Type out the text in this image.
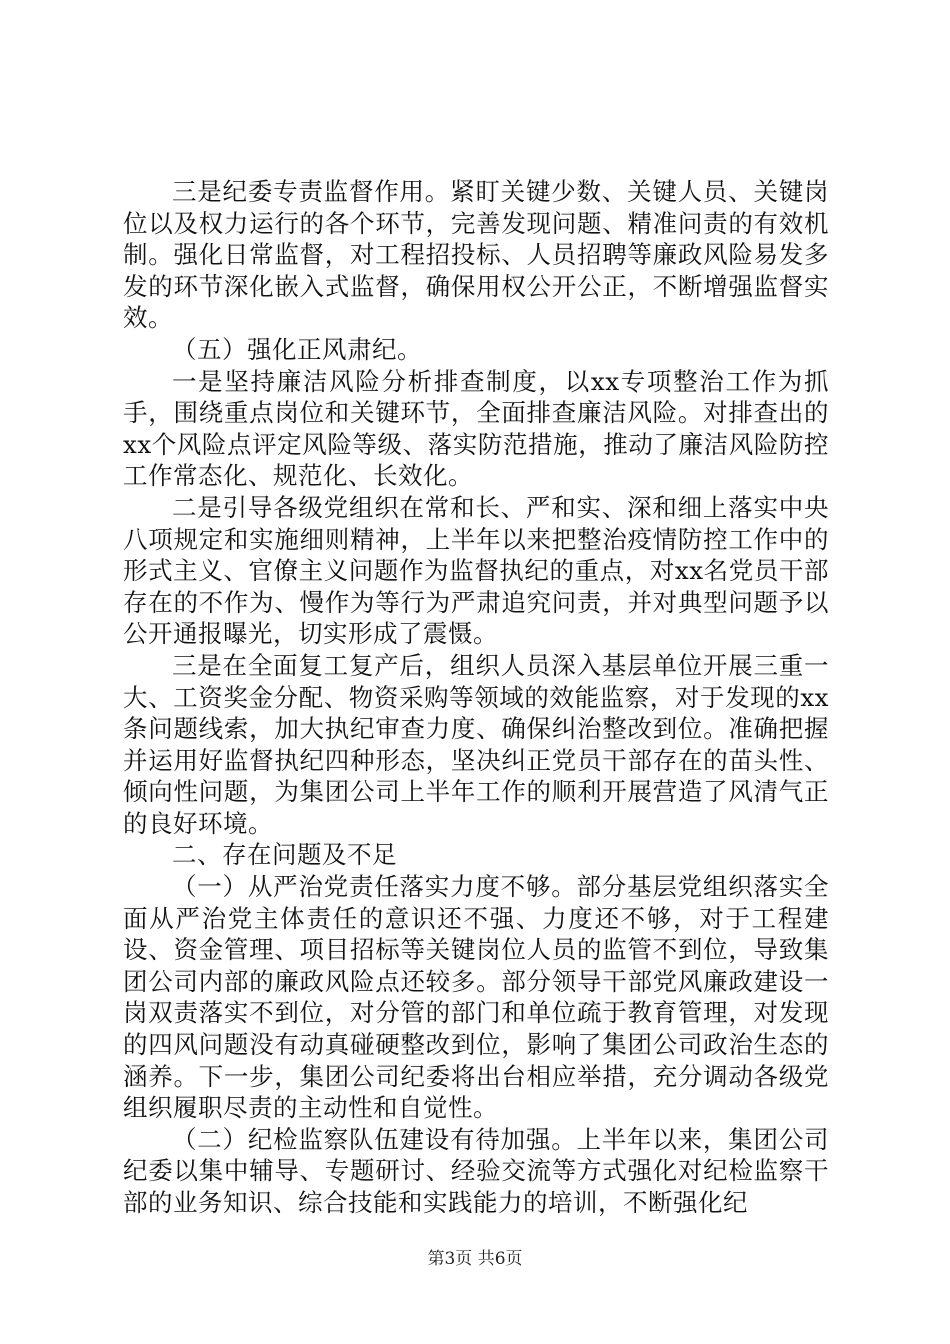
三是纪委专责监督作用。紧盯关键少数、关键人员、关键岗位以及权力运行的各个环节，完善发现问题、精准问责的有效机制。强化日常监督，对工程招投标、人员招聘等廉政风险易发多发的环节深化嵌入式监督，确保用权公开公正，不断增强监督实效。

（五）强化正风肃纪。

一是坚持廉洁风险分析排查制度，以xx专项整治工作为抓手，围绕重点岗位和关键环节，全面排查廉洁风险。对排查出的xx个风险点评定风险等级、落实防范措施，推动了廉洁风险防控工作常态化、规范化、长效化。

二是引导各级党组织在常和长、严和实、深和细上落实中央八项规定和实施细则精神，上半年以来把整治疫情防控工作中的形式主义、官僚主义问题作为监督执纪的重点，对xx名党员干部存在的不作为、慢作为等行为严肃追究问责，并对典型问题予以公开通报曝光，切实形成了震慑。

三是在全面复工复产后，组织人员深入基层单位开展三重一大、工资奖金分配、物资采购等领域的效能监察，对于发现的xx条问题线索，加大执纪审查力度、确保纠治整改到位。准确把握并运用好监督执纪四种形态，坚决纠正党员干部存在的苗头性、倾向性问题，为集团公司上半年工作的顺利开展营造了风清气正的良好环境。

二、存在问题及不足

（一）从严治党责任落实力度不够。部分基层党组织落实全面从严治党主体责任的意识还不强、力度还不够，对于工程建设、资金管理、项目招标等关键岗位人员的监管不到位，导致集团公司内部的廉政风险点还较多。部分领导干部党风廉政建设一岗双责落实不到位，对分管的部门和单位疏于教育管理，对发现的四风问题没有动真碰硬整改到位，影响了集团公司政治生态的涵养。下一步，集团公司纪委将出台相应举措，充分调动各级党组织履职尽责的主动性和自觉性。

（二）纪检监察队伍建设有待加强。上半年以来，集团公司纪委以集中辅导、专题研讨、经验交流等方式强化对纪检监察干部的业务知识、综合技能和实践能力的培训，不断强化纪

第3页 共6页
